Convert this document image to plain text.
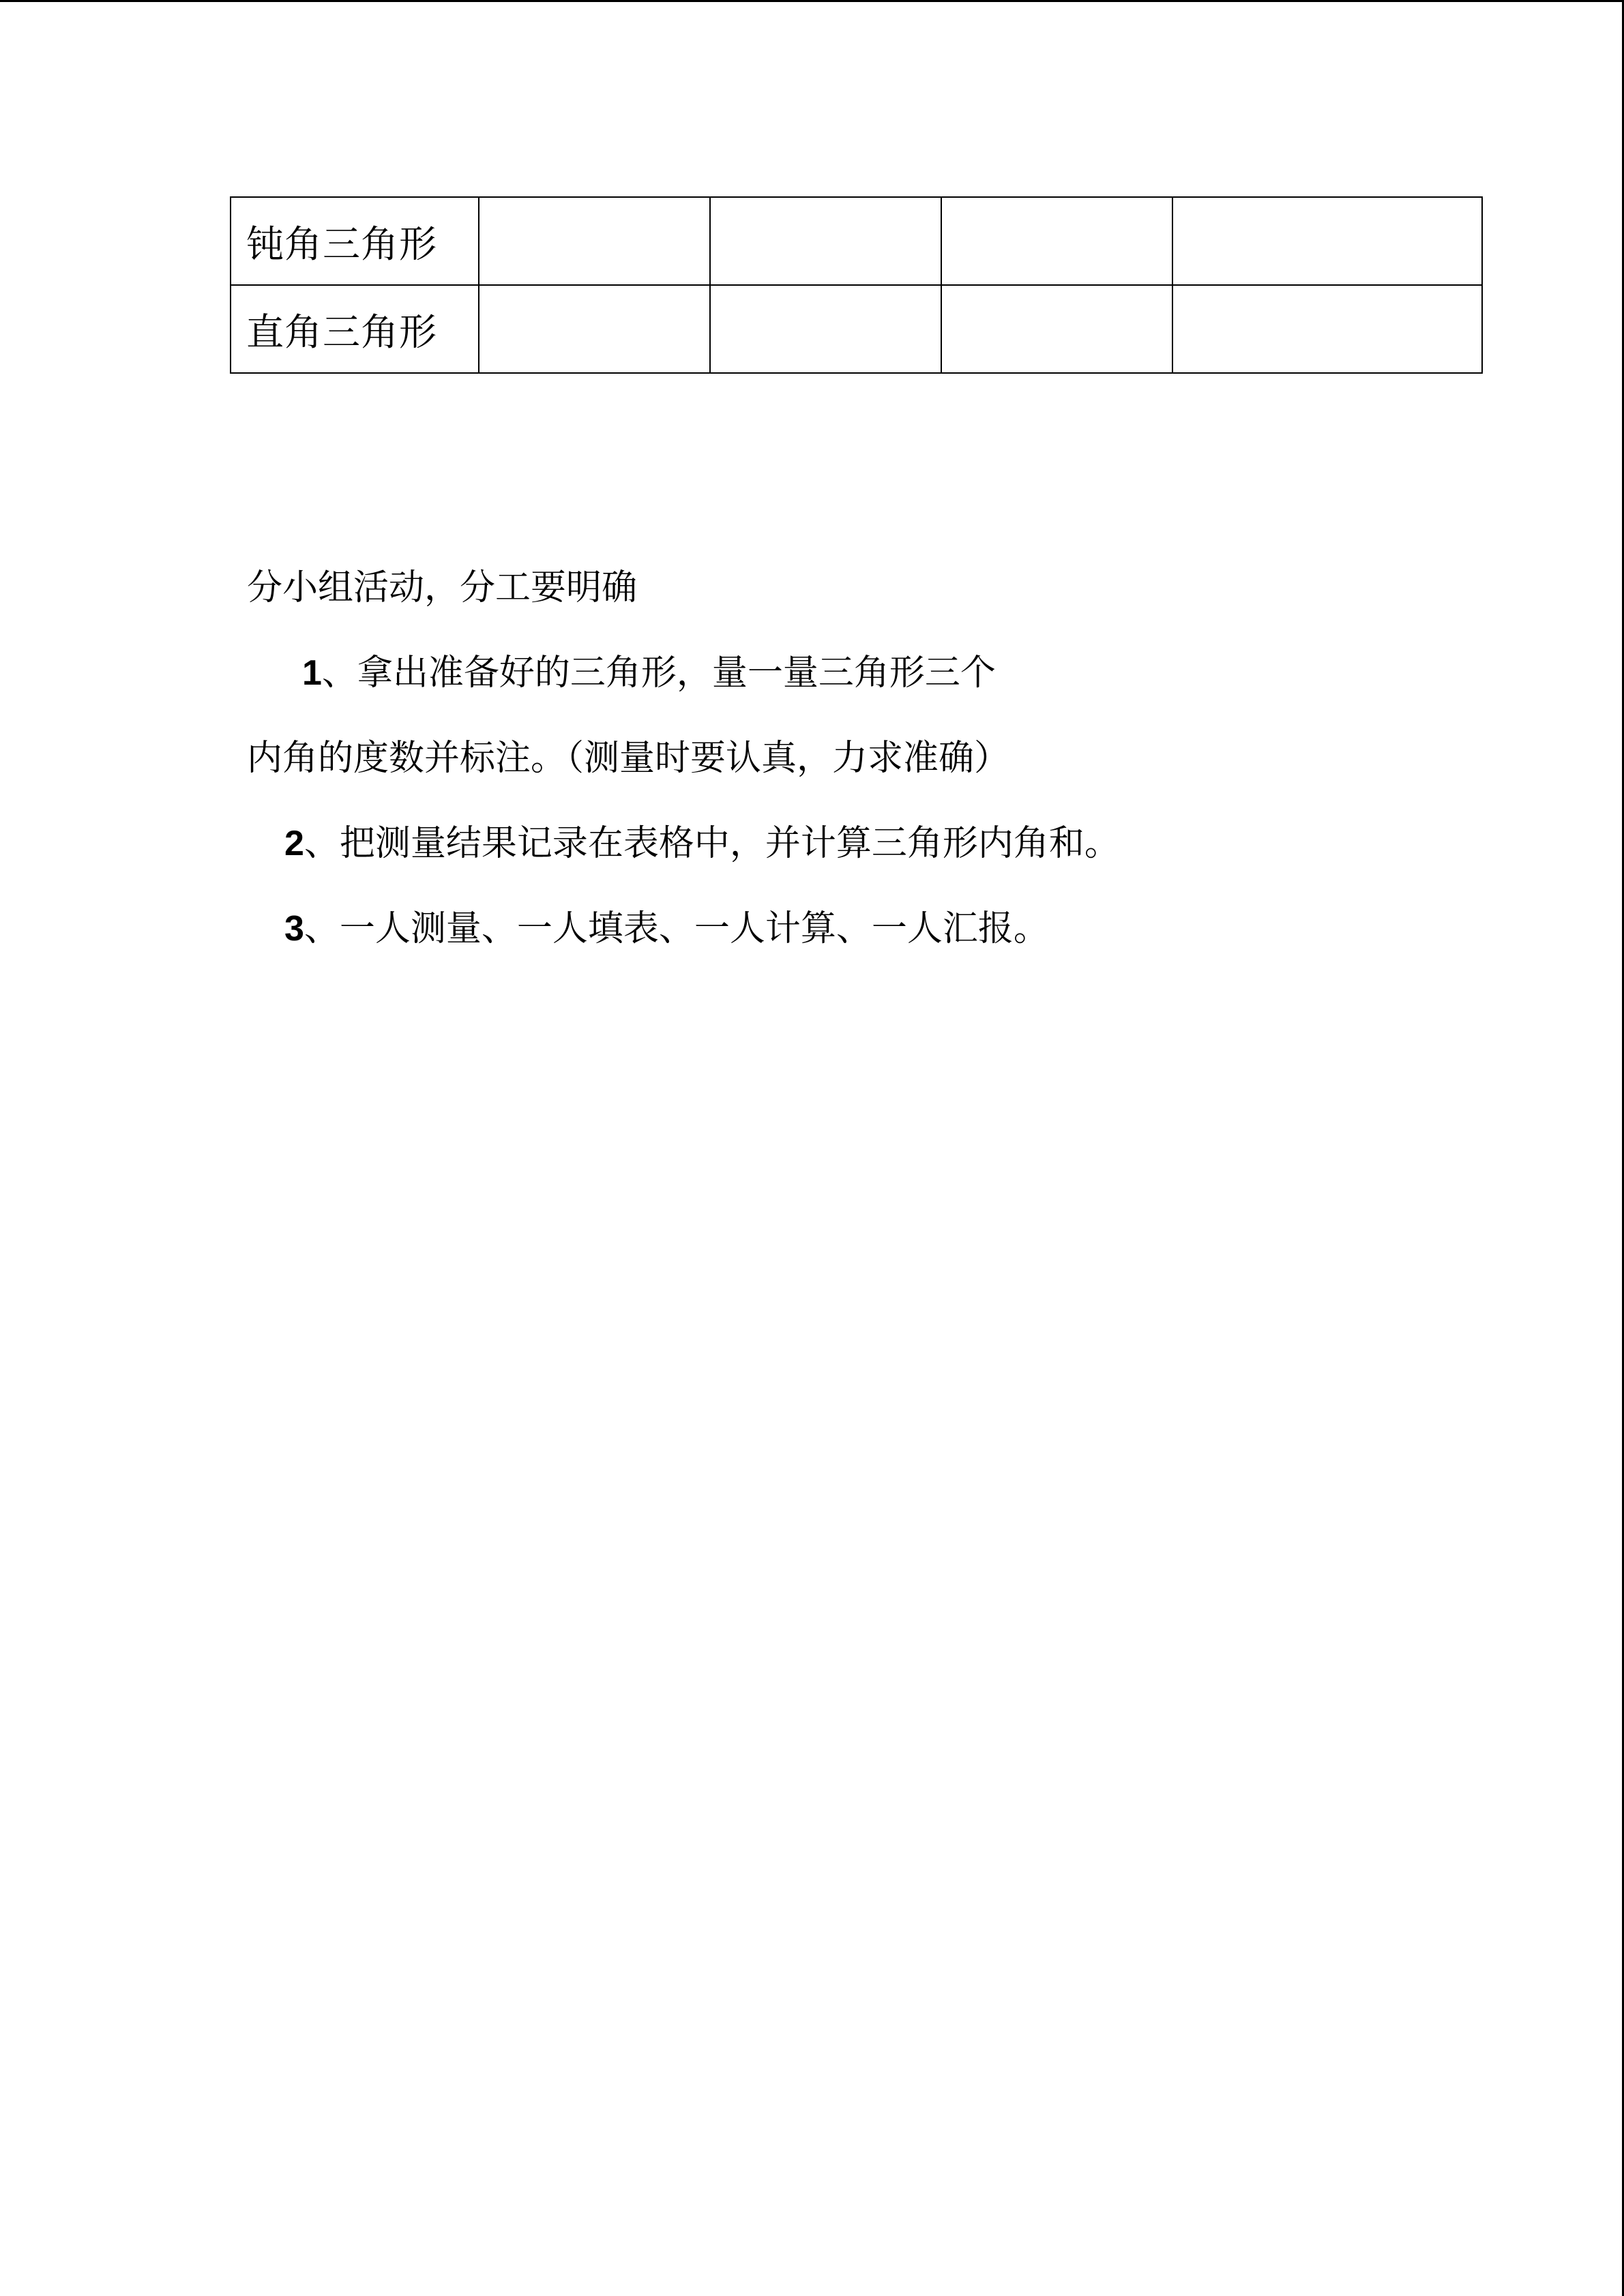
钝角三角形				
直角三角形				
分小组活动，分工要明确
1、拿出准备好的三角形，量一量三角形三个
内角的度数并标注。（测量时要认真，力求准确）
2、把测量结果记录在表格中，并计算三角形内角和。
3、一人测量、一人填表、一人计算、一人汇报。
